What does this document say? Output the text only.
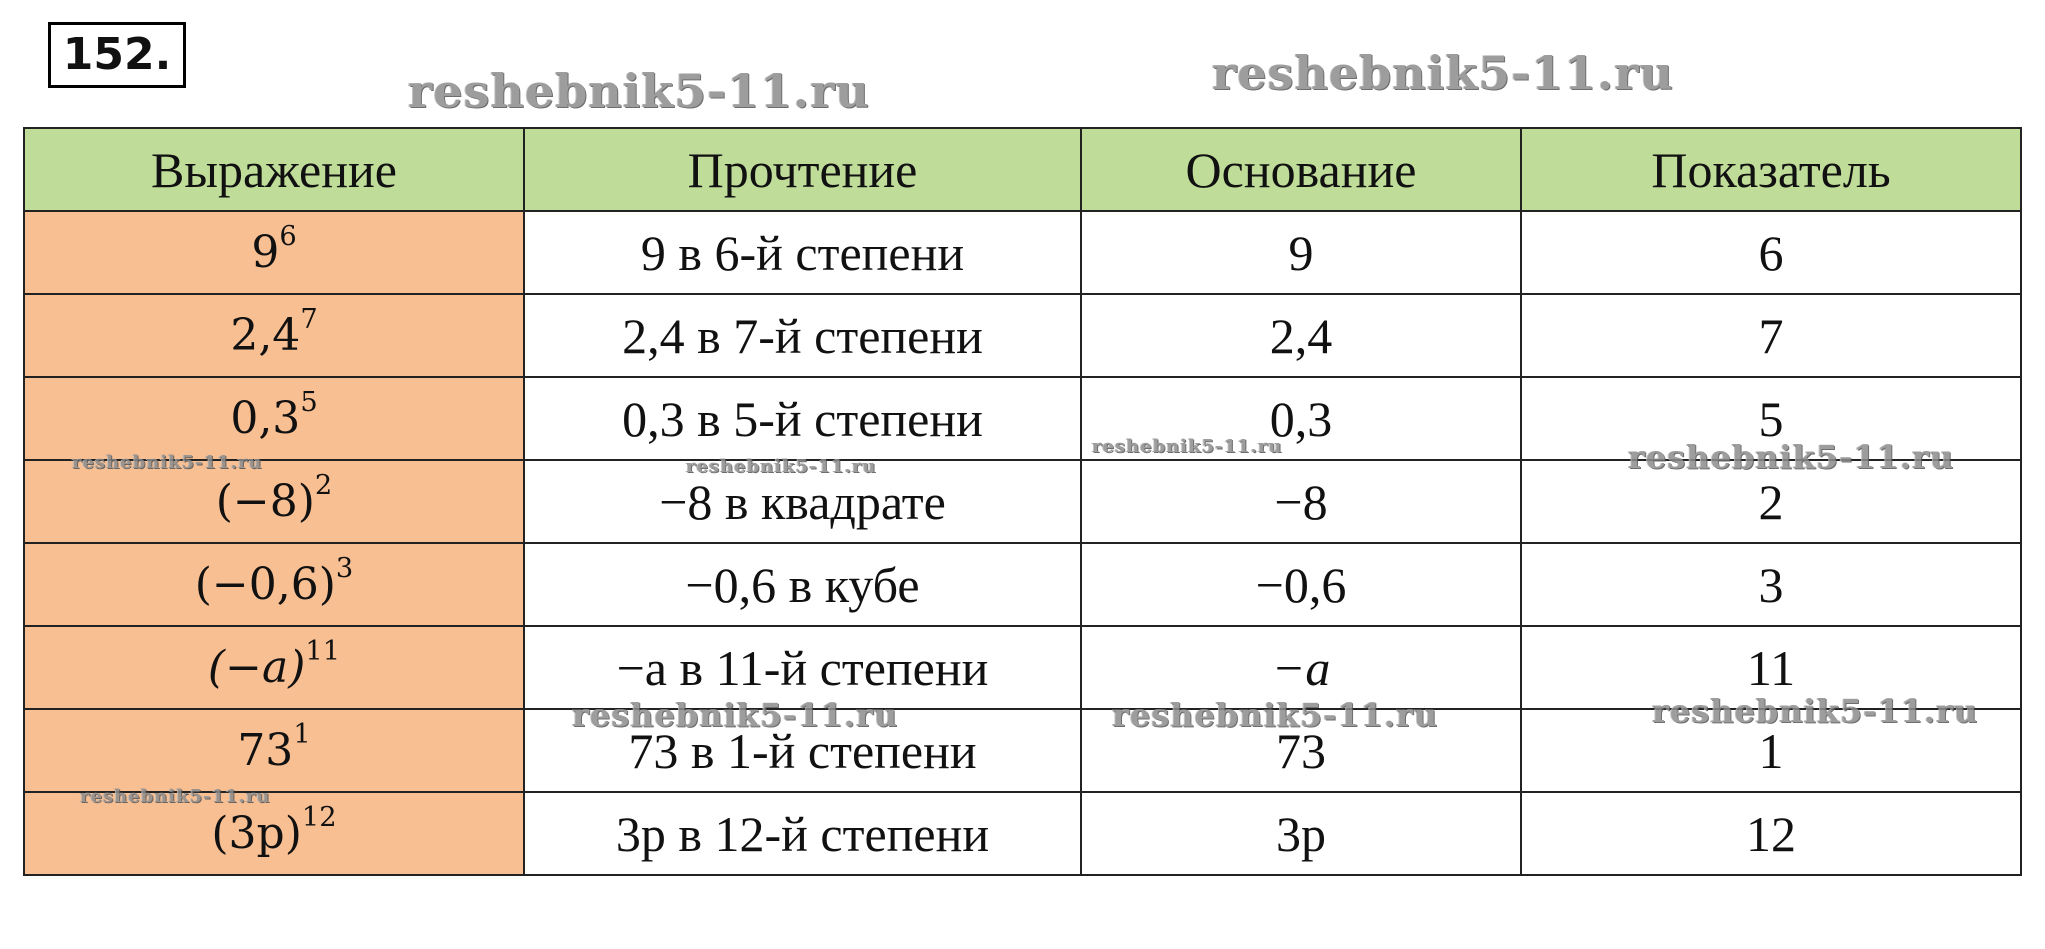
152.
reshebnik5-11.ru	reshebnik5-11.ru
Выражение	Прочтение	Основание	Показатель
$9^6$	9 в 6-й степени	9	6
$2,4^7$	2,4 в 7-й степени	2,4	7
$0,3^5$	0,3 в 5-й степени	0,3	5
$(-8)^2$	−8 в квадрате	−8	2
$(-0,6)^3$	−0,6 в кубе	−0,6	3
$(-a)^{11}$	−a в 11-й степени	−a	11
$73^1$	73 в 1-й степени	73	1
$(3p)^{12}$	3p в 12-й степени	3p	12
reshebnik5-11.ru	reshebnik5-11.ru
reshebnik5-11.ru	reshebnik5-11.ru
reshebnik5-11.ru	reshebnik5-11.ru	reshebnik5-11.ru
reshebnik5-11.ru
